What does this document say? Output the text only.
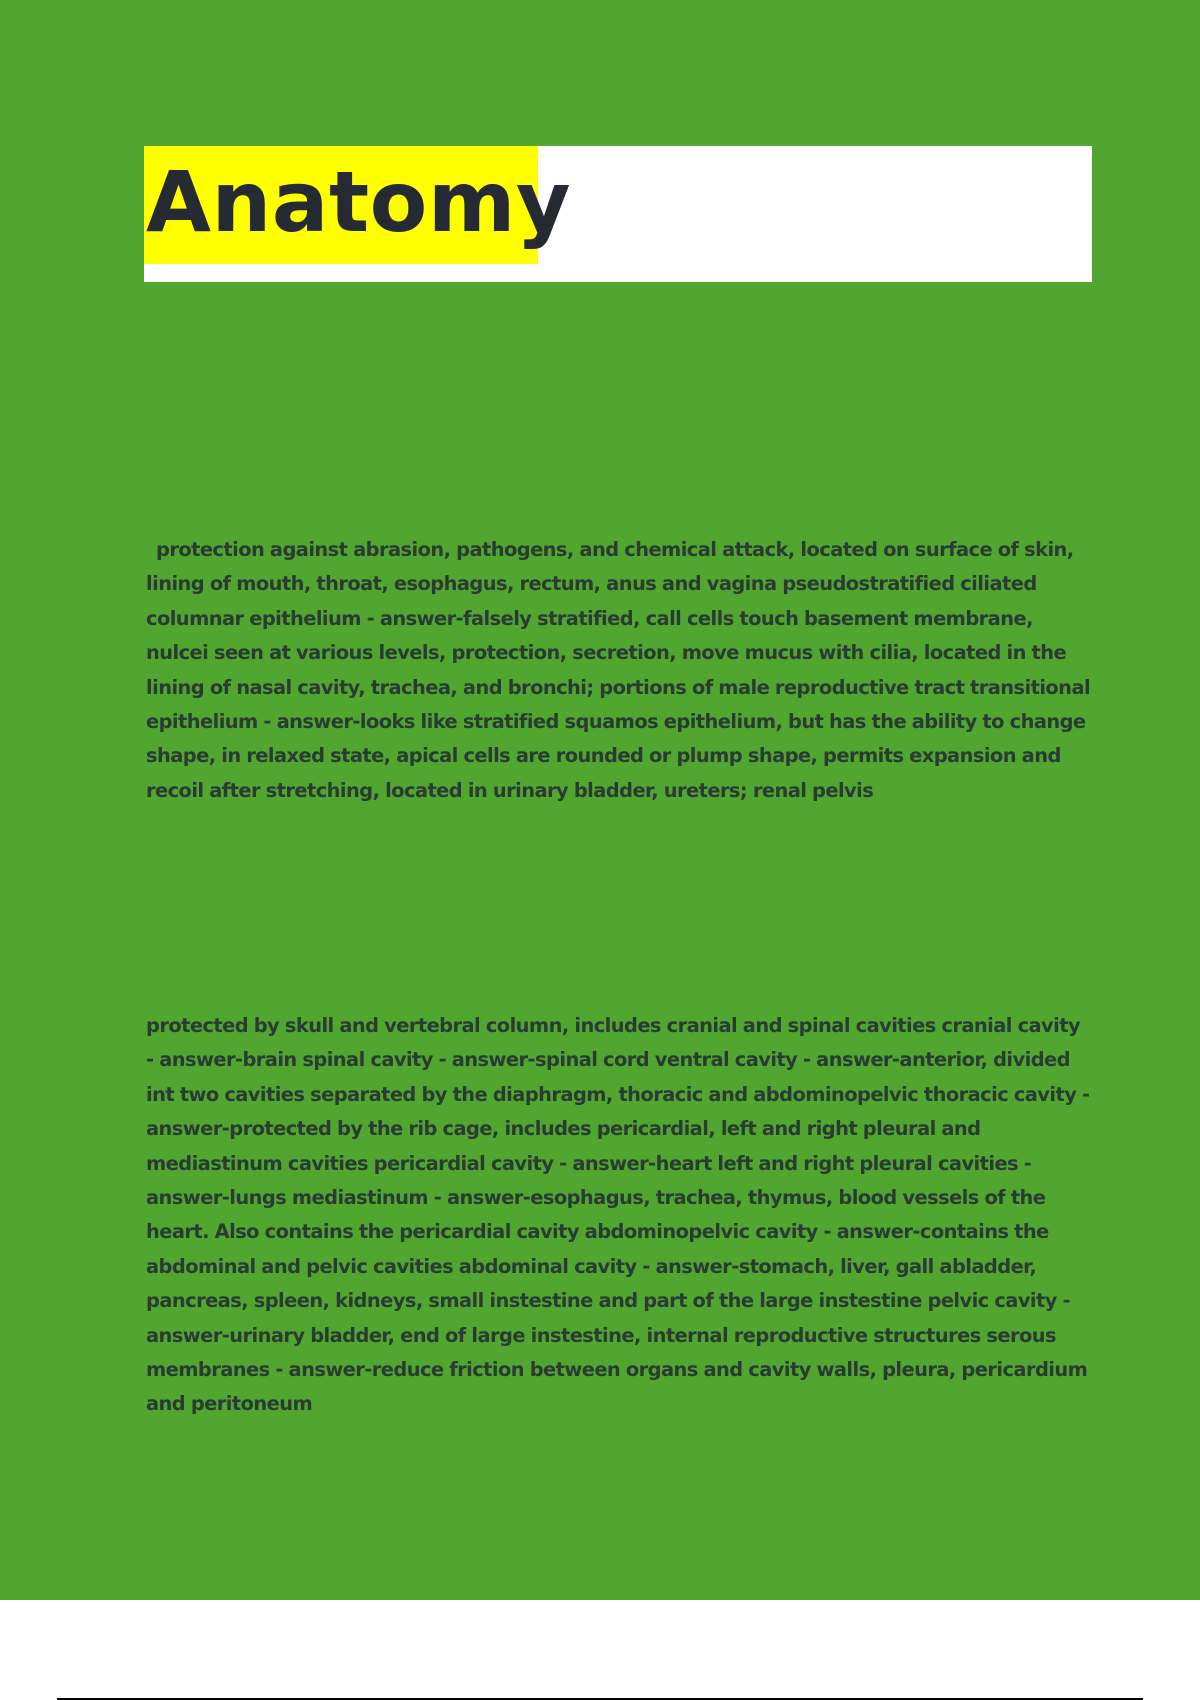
Anatomy

protection against abrasion, pathogens, and chemical attack, located on surface of skin, lining of mouth, throat, esophagus, rectum, anus and vagina pseudostratified ciliated columnar epithelium - answer-falsely stratified, call cells touch basement membrane, nulcei seen at various levels, protection, secretion, move mucus with cilia, located in the lining of nasal cavity, trachea, and bronchi; portions of male reproductive tract transitional epithelium - answer-looks like stratified squamos epithelium, but has the ability to change shape, in relaxed state, apical cells are rounded or plump shape, permits expansion and recoil after stretching, located in urinary bladder, ureters; renal pelvis

protected by skull and vertebral column, includes cranial and spinal cavities cranial cavity - answer-brain spinal cavity - answer-spinal cord ventral cavity - answer-anterior, divided int two cavities separated by the diaphragm, thoracic and abdominopelvic thoracic cavity - answer-protected by the rib cage, includes pericardial, left and right pleural and mediastinum cavities pericardial cavity - answer-heart left and right pleural cavities - answer-lungs mediastinum - answer-esophagus, trachea, thymus, blood vessels of the heart. Also contains the pericardial cavity abdominopelvic cavity - answer-contains the abdominal and pelvic cavities abdominal cavity - answer-stomach, liver, gall abladder, pancreas, spleen, kidneys, small instestine and part of the large instestine pelvic cavity - answer-urinary bladder, end of large instestine, internal reproductive structures serous membranes - answer-reduce friction between organs and cavity walls, pleura, pericardium and peritoneum
